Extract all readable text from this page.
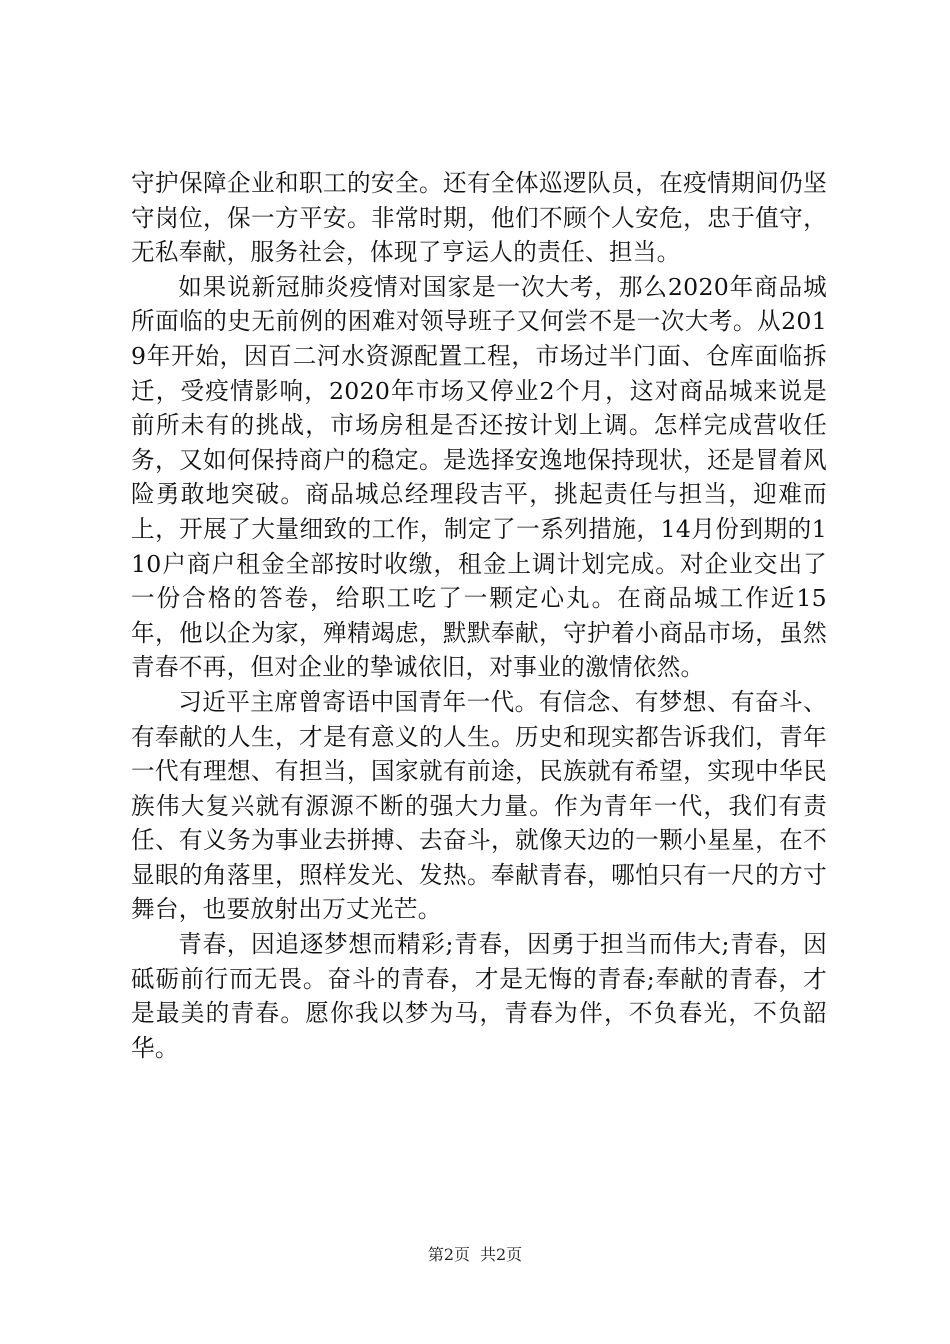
守护保障企业和职工的安全。还有全体巡逻队员，在疫情期间仍坚守岗位，保一方平安。非常时期，他们不顾个人安危，忠于值守，无私奉献，服务社会，体现了亨运人的责任、担当。

如果说新冠肺炎疫情对国家是一次大考，那么2020年商品城所面临的史无前例的困难对领导班子又何尝不是一次大考。从2019年开始，因百二河水资源配置工程，市场过半门面、仓库面临拆迁，受疫情影响，2020年市场又停业2个月，这对商品城来说是前所未有的挑战，市场房租是否还按计划上调。怎样完成营收任务，又如何保持商户的稳定。是选择安逸地保持现状，还是冒着风险勇敢地突破。商品城总经理段吉平，挑起责任与担当，迎难而上，开展了大量细致的工作，制定了一系列措施，14月份到期的110户商户租金全部按时收缴，租金上调计划完成。对企业交出了一份合格的答卷，给职工吃了一颗定心丸。在商品城工作近15年，他以企为家，殚精竭虑，默默奉献，守护着小商品市场，虽然青春不再，但对企业的挚诚依旧，对事业的激情依然。

习近平主席曾寄语中国青年一代。有信念、有梦想、有奋斗、有奉献的人生，才是有意义的人生。历史和现实都告诉我们，青年一代有理想、有担当，国家就有前途，民族就有希望，实现中华民族伟大复兴就有源源不断的强大力量。作为青年一代，我们有责任、有义务为事业去拼搏、去奋斗，就像天边的一颗小星星，在不显眼的角落里，照样发光、发热。奉献青春，哪怕只有一尺的方寸舞台，也要放射出万丈光芒。

青春，因追逐梦想而精彩;青春，因勇于担当而伟大;青春，因砥砺前行而无畏。奋斗的青春，才是无悔的青春;奉献的青春，才是最美的青春。愿你我以梦为马，青春为伴，不负春光，不负韶华。

第2页 共2页
